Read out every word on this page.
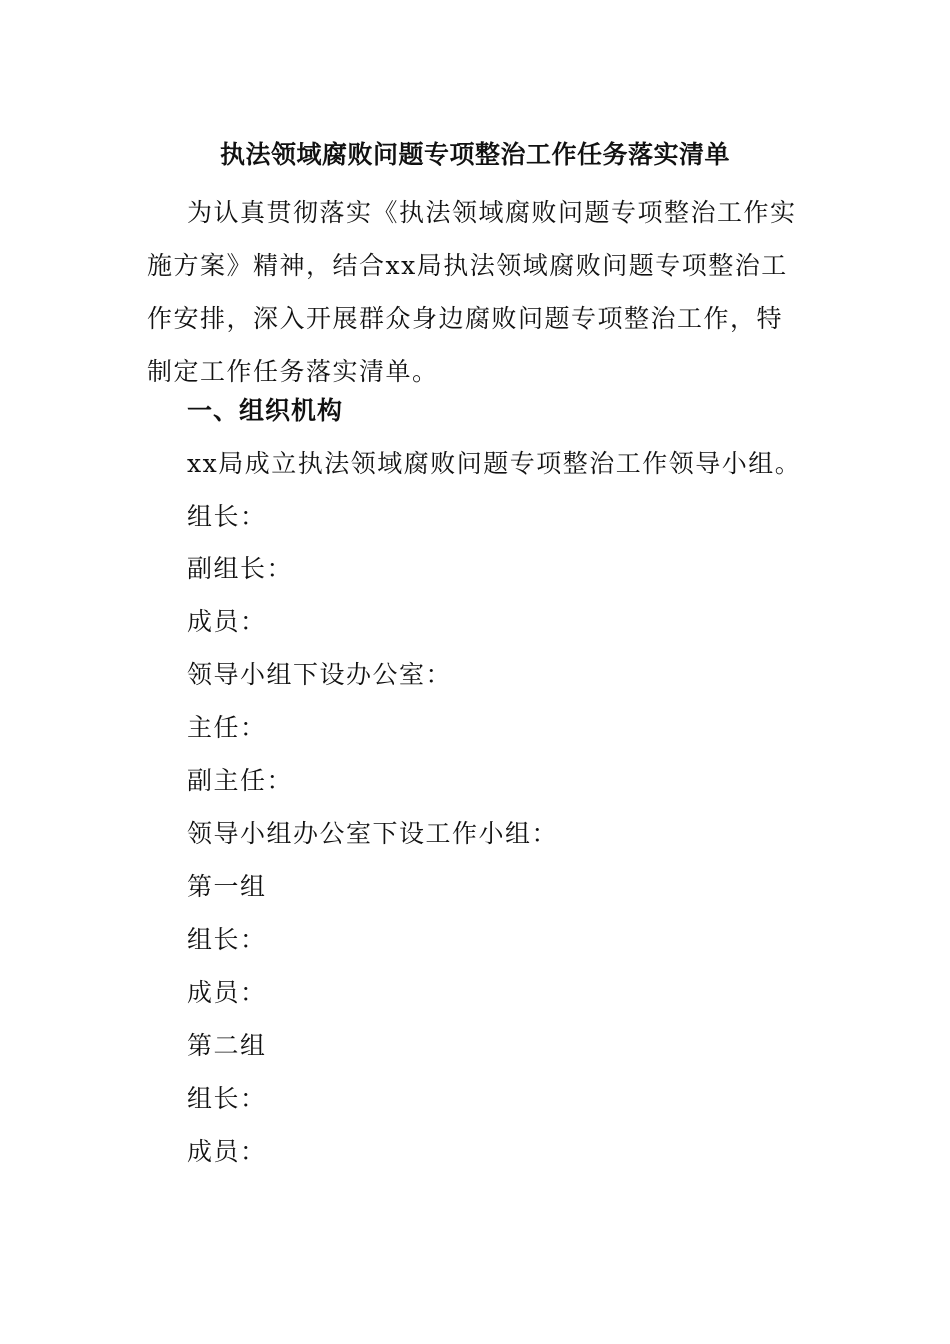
执法领域腐败问题专项整治工作任务落实清单
为认真贯彻落实《执法领域腐败问题专项整治工作实施方案》精神，结合xx局执法领域腐败问题专项整治工作安排，深入开展群众身边腐败问题专项整治工作，特制定工作任务落实清单。
一、组织机构
xx局成立执法领域腐败问题专项整治工作领导小组。
组长：
副组长：
成员：
领导小组下设办公室：
主任：
副主任：
领导小组办公室下设工作小组：
第一组
组长：
成员：
第二组
组长：
成员：
